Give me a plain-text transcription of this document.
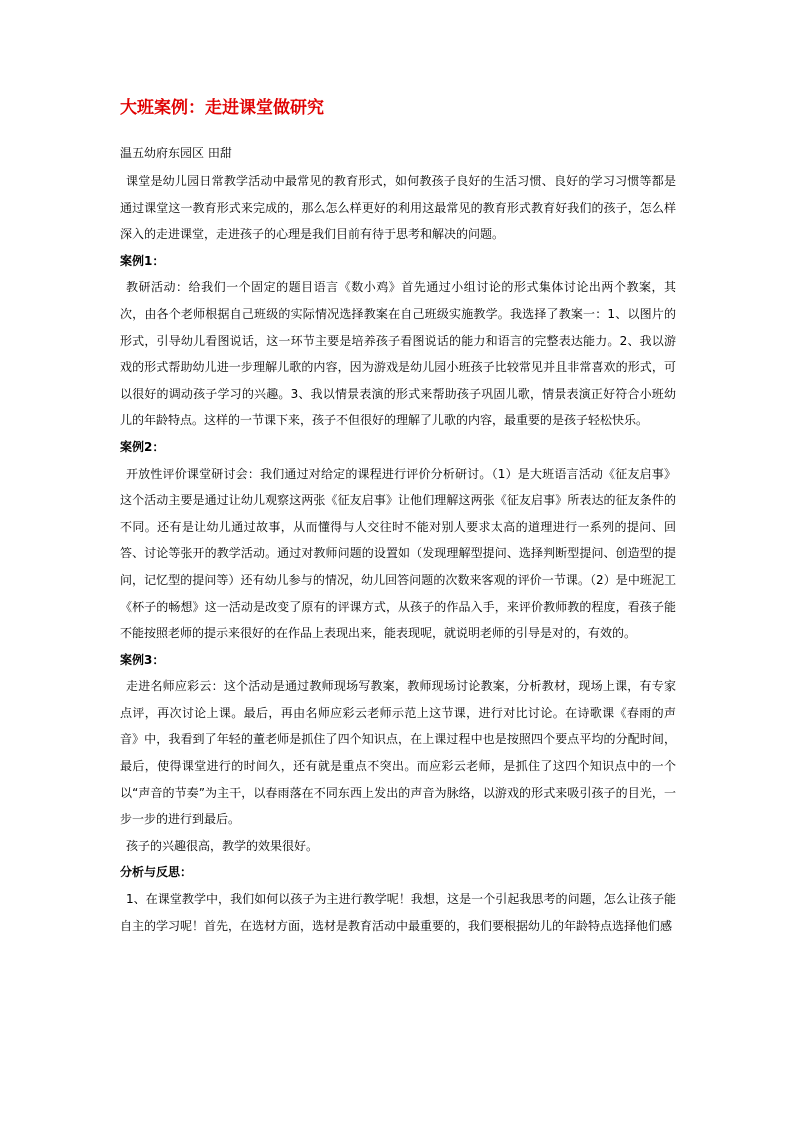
大班案例：走进课堂做研究

温五幼府东园区 田甜

课堂是幼儿园日常教学活动中最常见的教育形式，如何教孩子良好的生活习惯、良好的学习习惯等都是通过课堂这一教育形式来完成的，那么怎么样更好的利用这最常见的教育形式教育好我们的孩子，怎么样深入的走进课堂，走进孩子的心理是我们目前有待于思考和解决的问题。

案例1：

教研活动：给我们一个固定的题目语言《数小鸡》首先通过小组讨论的形式集体讨论出两个教案，其次，由各个老师根据自己班级的实际情况选择教案在自己班级实施教学。我选择了教案一：1、以图片的形式，引导幼儿看图说话，这一环节主要是培养孩子看图说话的能力和语言的完整表达能力。2、我以游戏的形式帮助幼儿进一步理解儿歌的内容，因为游戏是幼儿园小班孩子比较常见并且非常喜欢的形式，可以很好的调动孩子学习的兴趣。3、我以情景表演的形式来帮助孩子巩固儿歌，情景表演正好符合小班幼儿的年龄特点。这样的一节课下来，孩子不但很好的理解了儿歌的内容，最重要的是孩子轻松快乐。

案例2：

开放性评价课堂研讨会：我们通过对给定的课程进行评价分析研讨。（1）是大班语言活动《征友启事》这个活动主要是通过让幼儿观察这两张《征友启事》让他们理解这两张《征友启事》所表达的征友条件的不同。还有是让幼儿通过故事，从而懂得与人交往时不能对别人要求太高的道理进行一系列的提问、回答、讨论等张开的教学活动。通过对教师问题的设置如（发现理解型提问、选择判断型提问、创造型的提问，记忆型的提问等）还有幼儿参与的情况，幼儿回答问题的次数来客观的评价一节课。（2）是中班泥工《杯子的畅想》这一活动是改变了原有的评课方式，从孩子的作品入手，来评价教师教的程度，看孩子能不能按照老师的提示来很好的在作品上表现出来，能表现呢，就说明老师的引导是对的，有效的。

案例3：

走进名师应彩云：这个活动是通过教师现场写教案，教师现场讨论教案，分析教材，现场上课，有专家点评，再次讨论上课。最后，再由名师应彩云老师示范上这节课，进行对比讨论。在诗歌课《春雨的声音》中，我看到了年轻的董老师是抓住了四个知识点，在上课过程中也是按照四个要点平均的分配时间，最后，使得课堂进行的时间久，还有就是重点不突出。而应彩云老师，是抓住了这四个知识点中的一个以“声音的节奏”为主干，以春雨落在不同东西上发出的声音为脉络，以游戏的形式来吸引孩子的目光，一步一步的进行到最后。

孩子的兴趣很高，教学的效果很好。

分析与反思：

1、在课堂教学中，我们如何以孩子为主进行教学呢！我想，这是一个引起我思考的问题，怎么让孩子能自主的学习呢！首先，在选材方面，选材是教育活动中最重要的，我们要根据幼儿的年龄特点选择他们感
